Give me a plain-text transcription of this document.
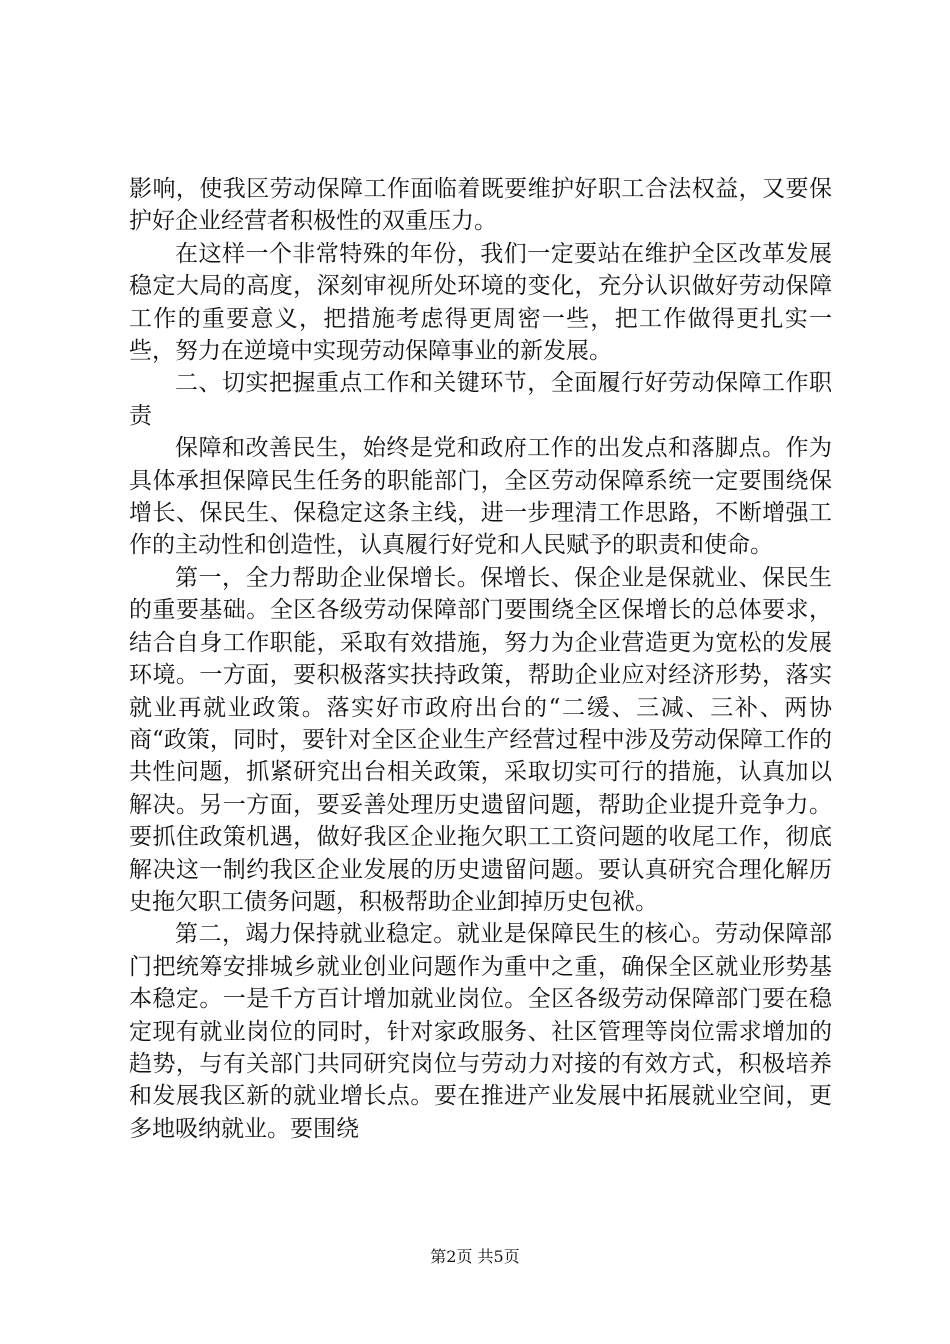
影响，使我区劳动保障工作面临着既要维护好职工合法权益，又要保护好企业经营者积极性的双重压力。

在这样一个非常特殊的年份，我们一定要站在维护全区改革发展稳定大局的高度，深刻审视所处环境的变化，充分认识做好劳动保障工作的重要意义，把措施考虑得更周密一些，把工作做得更扎实一些，努力在逆境中实现劳动保障事业的新发展。

二、切实把握重点工作和关键环节，全面履行好劳动保障工作职责

保障和改善民生，始终是党和政府工作的出发点和落脚点。作为具体承担保障民生任务的职能部门，全区劳动保障系统一定要围绕保增长、保民生、保稳定这条主线，进一步理清工作思路，不断增强工作的主动性和创造性，认真履行好党和人民赋予的职责和使命。

第一，全力帮助企业保增长。保增长、保企业是保就业、保民生的重要基础。全区各级劳动保障部门要围绕全区保增长的总体要求，结合自身工作职能，采取有效措施，努力为企业营造更为宽松的发展环境。一方面，要积极落实扶持政策，帮助企业应对经济形势，落实就业再就业政策。落实好市政府出台的“二缓、三减、三补、两协商“政策，同时，要针对全区企业生产经营过程中涉及劳动保障工作的共性问题，抓紧研究出台相关政策，采取切实可行的措施，认真加以解决。另一方面，要妥善处理历史遗留问题，帮助企业提升竞争力。要抓住政策机遇，做好我区企业拖欠职工工资问题的收尾工作，彻底解决这一制约我区企业发展的历史遗留问题。要认真研究合理化解历史拖欠职工债务问题，积极帮助企业卸掉历史包袱。

第二，竭力保持就业稳定。就业是保障民生的核心。劳动保障部门把统筹安排城乡就业创业问题作为重中之重，确保全区就业形势基本稳定。一是千方百计增加就业岗位。全区各级劳动保障部门要在稳定现有就业岗位的同时，针对家政服务、社区管理等岗位需求增加的趋势，与有关部门共同研究岗位与劳动力对接的有效方式，积极培养和发展我区新的就业增长点。要在推进产业发展中拓展就业空间，更多地吸纳就业。要围绕

第2页 共5页
